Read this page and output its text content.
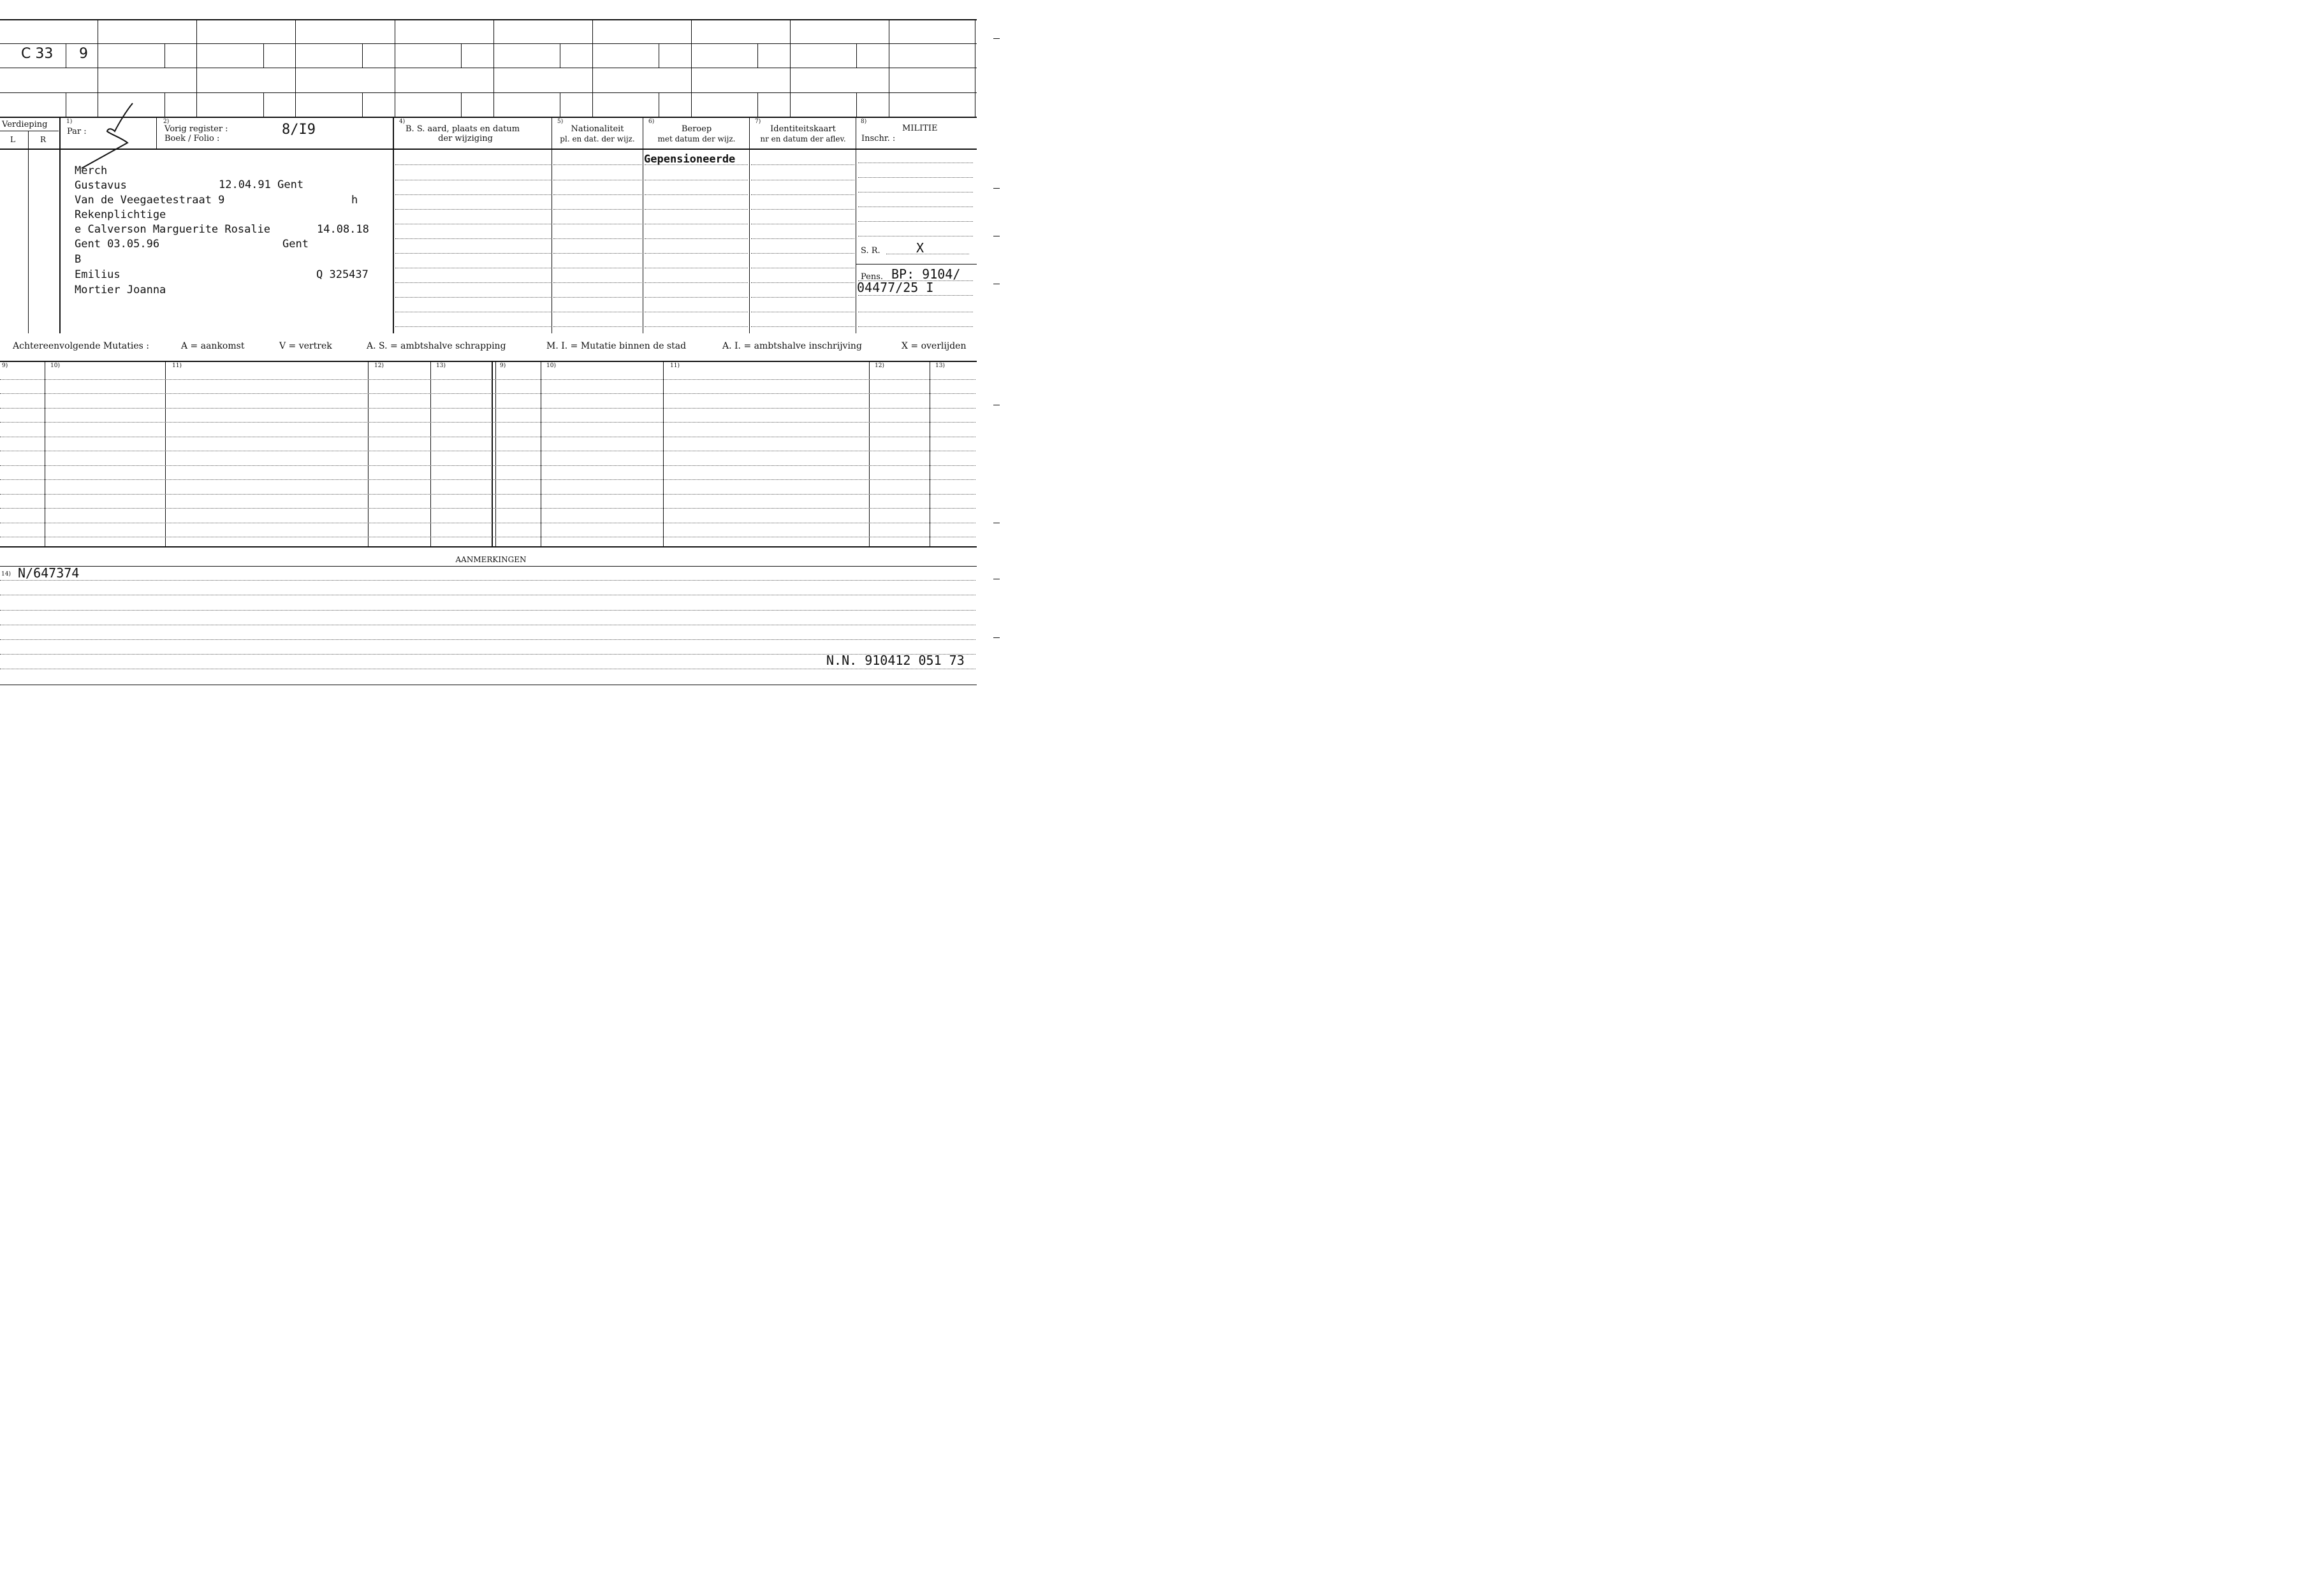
C 33 9
Verdieping
L	R
1)
Par :
2)
Vorig register :
Boek / Folio :
8/I9	4)
B. S. aard, plaats en datum
der wijziging
5)
Nationaliteit
pl. en dat. der wijz.
6)
Beroep
met datum der wijz.
7)
Identiteitskaart
nr en datum der aflev.
8)
MILITIE
Inschr. :
Merch
Gustavus	12.04.91 Gent
Van de Veegaetestraat 9	h
Rekenplichtige
e Calverson Marguerite Rosalie	14.08.18
Gent 03.05.96	Gent
B
Emilius	Q 325437
Mortier Joanna
Gepensioneerde
S. R.	X
Pens. BP: 9104/
04477/25 I
Achtereenvolgende Mutaties :	A = aankomst	V = vertrek	A. S. = ambtshalve schrapping	M. I. = Mutatie binnen de stad	A. I. = ambtshalve inschrijving	X = overlijden
9)	10)	11)	12)	13)	9)	10)	11)	12)	13)
AANMERKINGEN
14) N/647374
N.N. 910412 051 73
